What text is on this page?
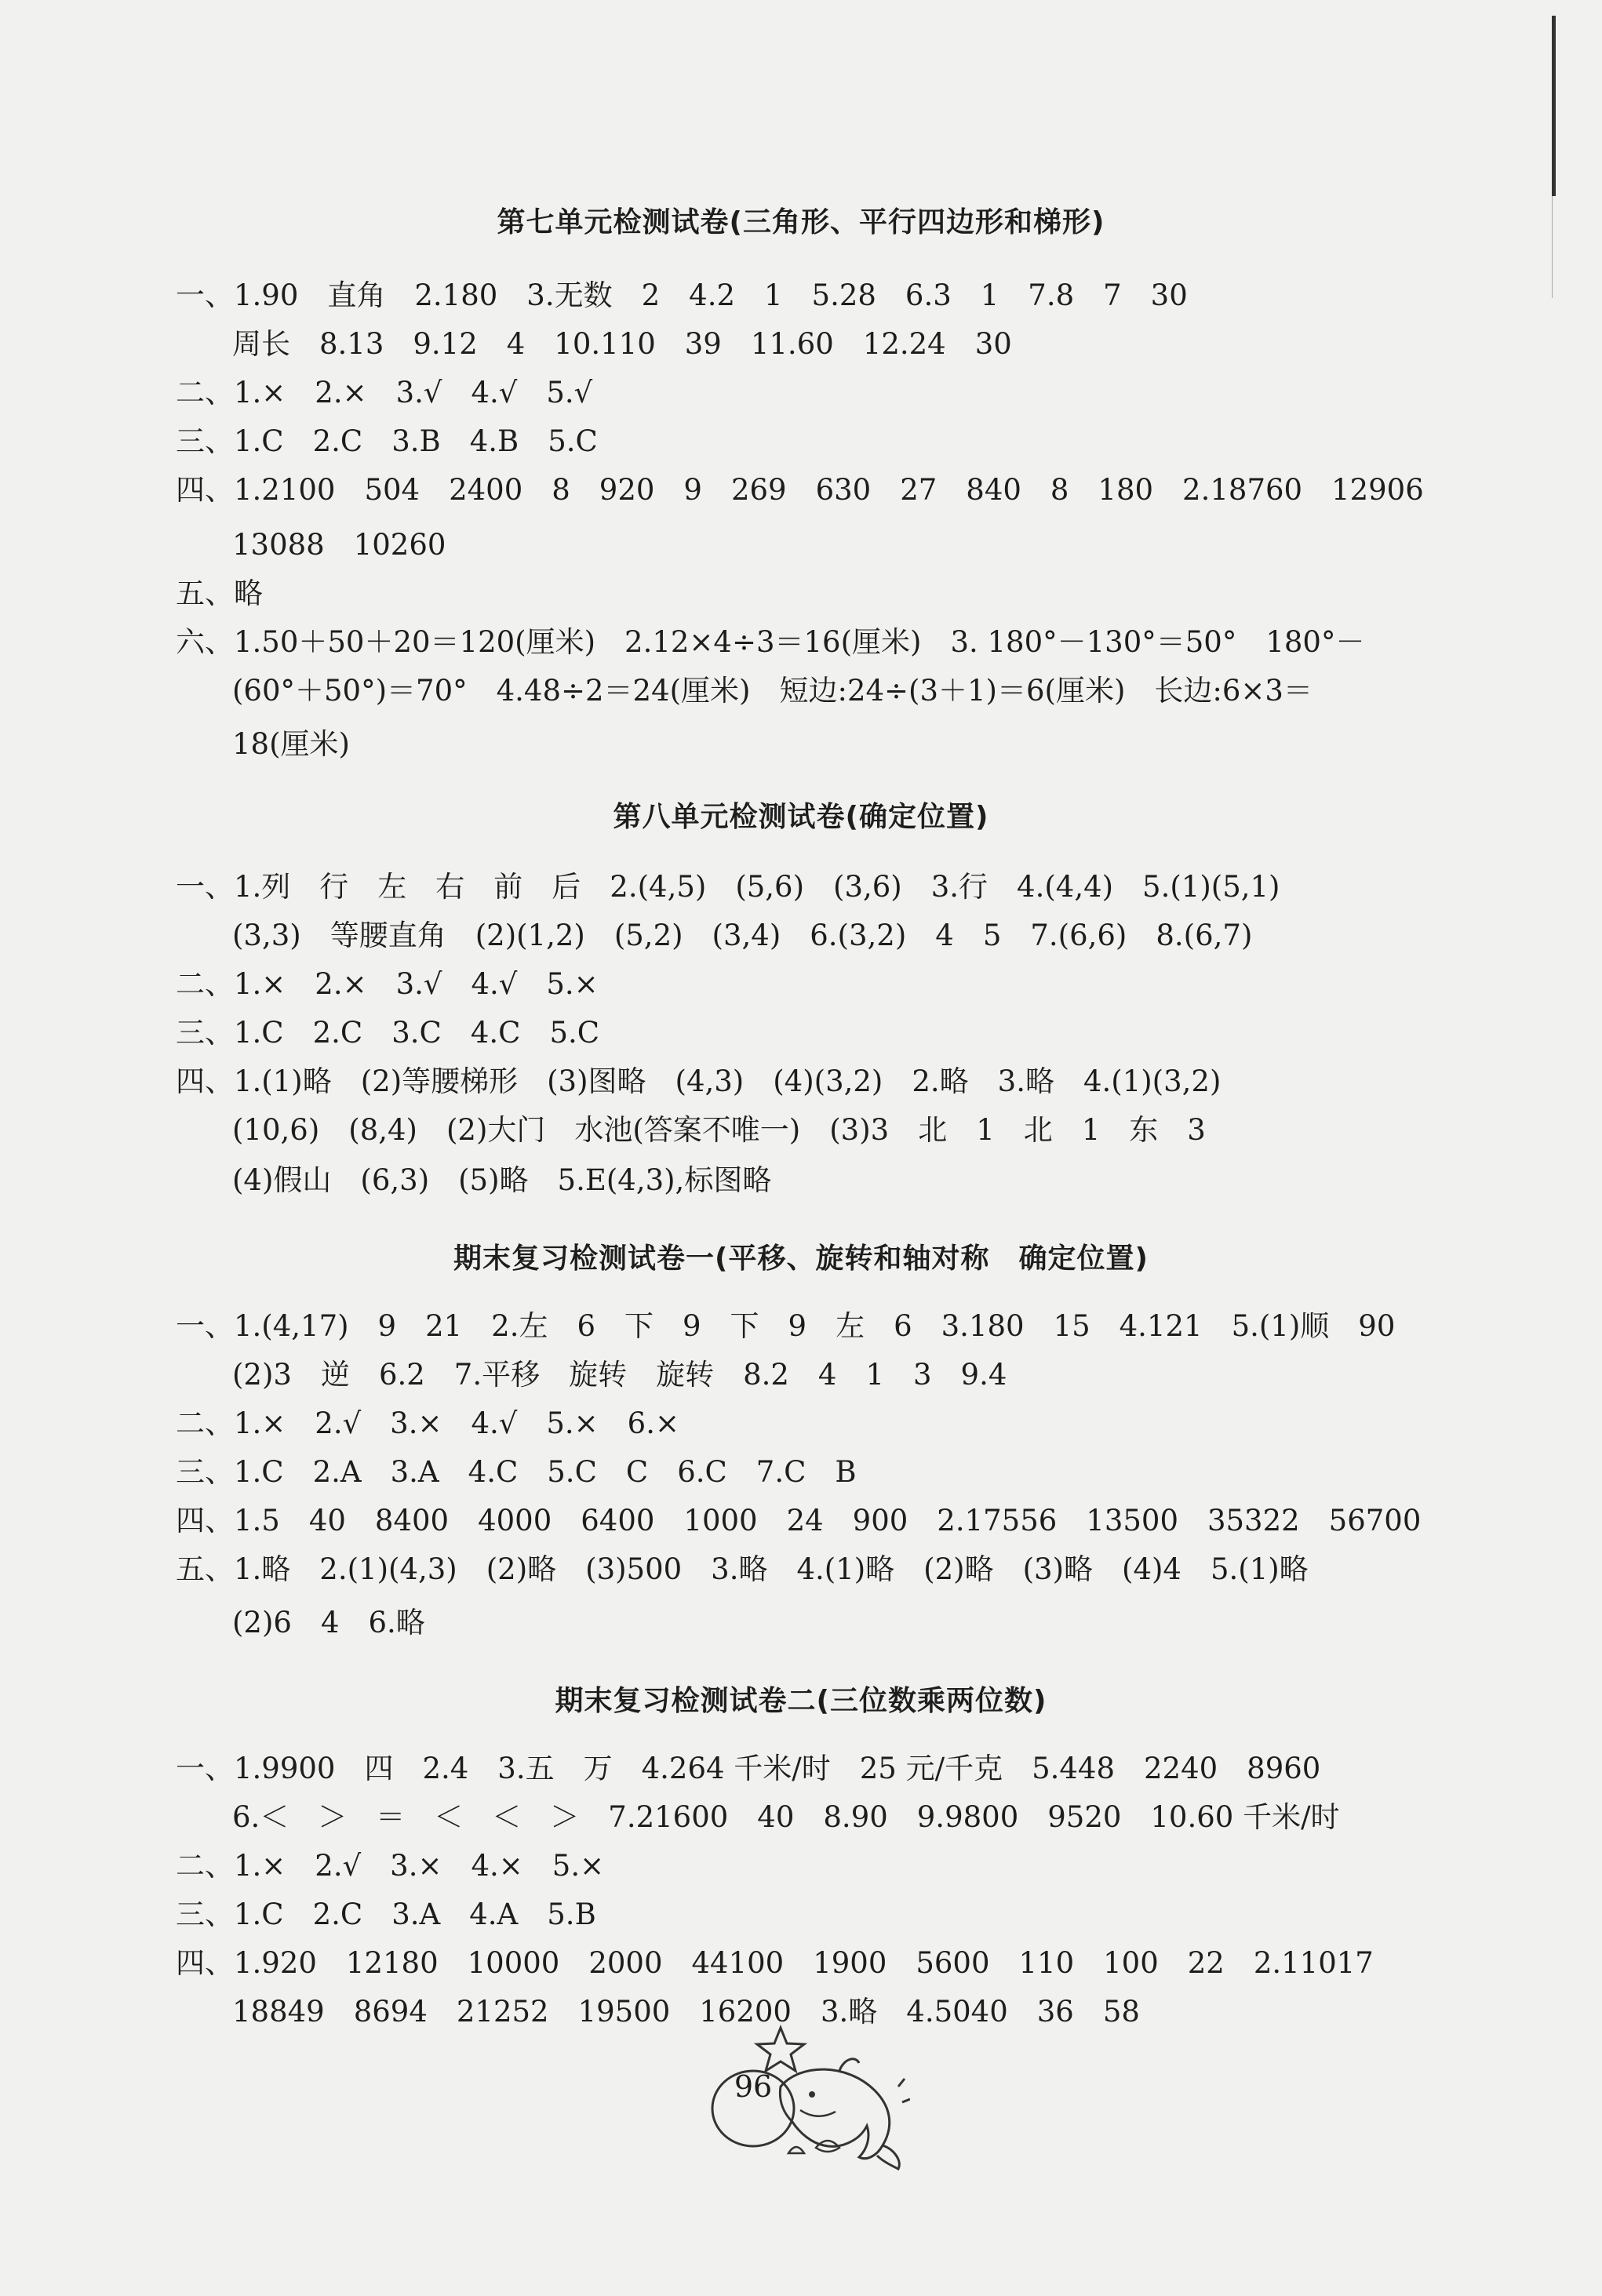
第七单元检测试卷(三角形、平行四边形和梯形)
一、1.90　直角　2.180　3.无数　2　4.2　1　5.28　6.3　1　7.8　7　30
周长　8.13　9.12　4　10.110　39　11.60　12.24　30
二、1.×　2.×　3.√　4.√　5.√
三、1.C　2.C　3.B　4.B　5.C
四、1.2100　504　2400　8　920　9　269　630　27　840　8　180　2.18760　12906
13088　10260
五、略
六、1.50＋50＋20＝120(厘米)　2.12×4÷3＝16(厘米)　3. 180°－130°＝50°　180°－
(60°＋50°)＝70°　4.48÷2＝24(厘米)　短边:24÷(3＋1)＝6(厘米)　长边:6×3＝
18(厘米)
第八单元检测试卷(确定位置)
一、1.列　行　左　右　前　后　2.(4,5)　(5,6)　(3,6)　3.行　4.(4,4)　5.(1)(5,1)
(3,3)　等腰直角　(2)(1,2)　(5,2)　(3,4)　6.(3,2)　4　5　7.(6,6)　8.(6,7)
二、1.×　2.×　3.√　4.√　5.×
三、1.C　2.C　3.C　4.C　5.C
四、1.(1)略　(2)等腰梯形　(3)图略　(4,3)　(4)(3,2)　2.略　3.略　4.(1)(3,2)
(10,6)　(8,4)　(2)大门　水池(答案不唯一)　(3)3　北　1　北　1　东　3
(4)假山　(6,3)　(5)略　5.E(4,3),标图略
期末复习检测试卷一(平移、旋转和轴对称　确定位置)
一、1.(4,17)　9　21　2.左　6　下　9　下　9　左　6　3.180　15　4.121　5.(1)顺　90
(2)3　逆　6.2　7.平移　旋转　旋转　8.2　4　1　3　9.4
二、1.×　2.√　3.×　4.√　5.×　6.×
三、1.C　2.A　3.A　4.C　5.C　C　6.C　7.C　B
四、1.5　40　8400　4000　6400　1000　24　900　2.17556　13500　35322　56700
五、1.略　2.(1)(4,3)　(2)略　(3)500　3.略　4.(1)略　(2)略　(3)略　(4)4　5.(1)略
(2)6　4　6.略
期末复习检测试卷二(三位数乘两位数)
一、1.9900　四　2.4　3.五　万　4.264 千米/时　25 元/千克　5.448　2240　8960
6.＜　＞　＝　＜　＜　＞　7.21600　40　8.90　9.9800　9520　10.60 千米/时
二、1.×　2.√　3.×　4.×　5.×
三、1.C　2.C　3.A　4.A　5.B
四、1.920　12180　10000　2000　44100　1900　5600　110　100　22　2.11017
18849　8694　21252　19500　16200　3.略　4.5040　36　58
96
